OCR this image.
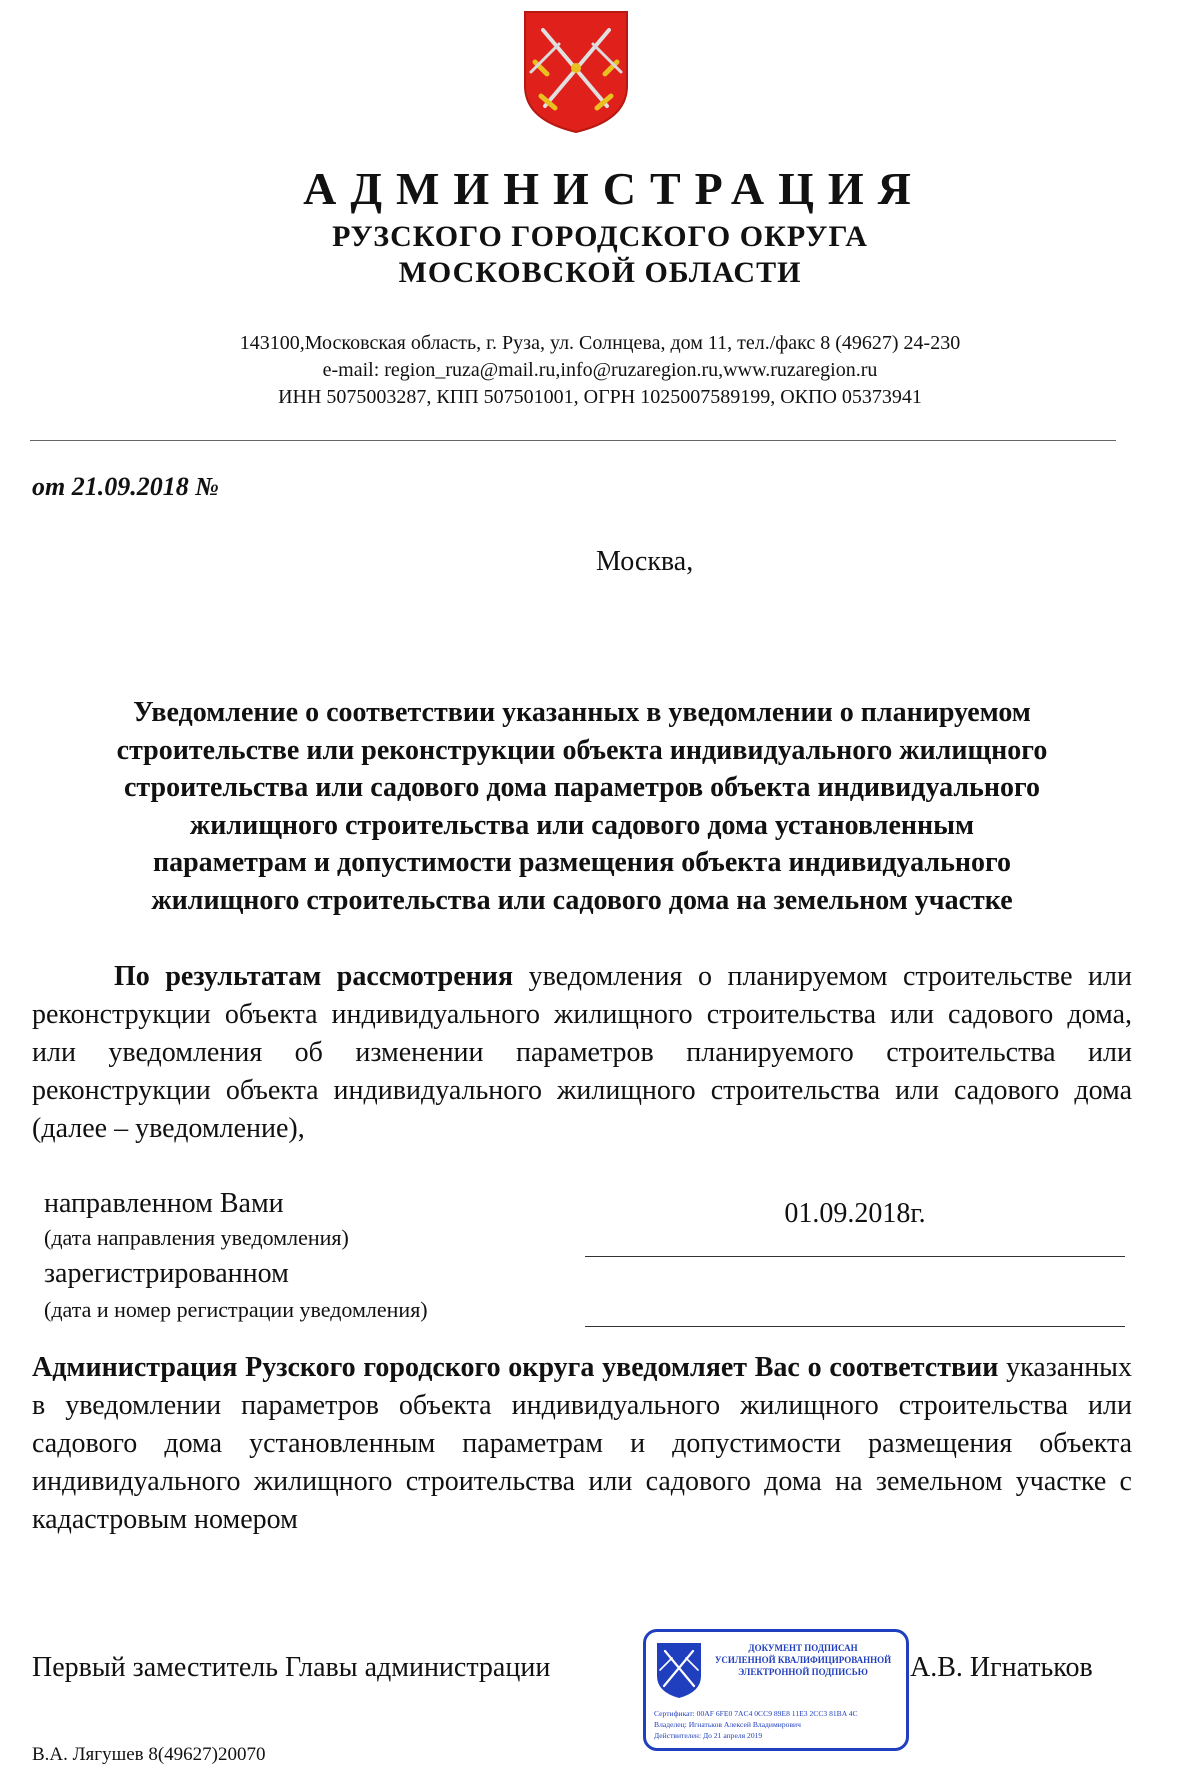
АДМИНИСТРАЦИЯ
РУЗСКОГО ГОРОДСКОГО ОКРУГА
МОСКОВСКОЙ ОБЛАСТИ
143100,Московская область, г. Руза, ул. Солнцева, дом 11, тел./факс 8 (49627) 24-230
e-mail: region_ruza@mail.ru,info@ruzaregion.ru,www.ruzaregion.ru
ИНН 5075003287, КПП 507501001, ОГРН 1025007589199, ОКПО 05373941
от 21.09.2018 №
Москва,
Уведомление о соответствии указанных в уведомлении о планируемом
строительстве или реконструкции объекта индивидуального жилищного
строительства или садового дома параметров объекта индивидуального
жилищного строительства или садового дома установленным
параметрам и допустимости размещения объекта индивидуального
жилищного строительства или садового дома на земельном участке
По результатам рассмотрения уведомления о планируемом строительстве или реконструкции объекта индивидуального жилищного строительства или садового дома, или уведомления об изменении параметров планируемого строительства или реконструкции объекта индивидуального жилищного строительства или садового дома (далее – уведомление),
направленном Вами
(дата направления уведомления)
01.09.2018г.
зарегистрированном
(дата и номер регистрации уведомления)
Администрация Рузского городского округа уведомляет Вас о соответствии указанных в уведомлении параметров объекта индивидуального жилищного строительства или садового дома установленным параметрам и допустимости размещения объекта индивидуального жилищного строительства или садового дома на земельном участке с кадастровым номером
Первый заместитель Главы администрации
ДОКУМЕНТ ПОДПИСАН
УСИЛЕННОЙ КВАЛИФИЦИРОВАННОЙ
ЭЛЕКТРОННОЙ ПОДПИСЬЮ
Сертификат: 00AF 6FE0 7AC4 0CC9 89E8 11E3 2CC3 81BA 4C
Владелец: Игнатьков Алексей Владимирович
Действителен: До 21 апреля 2019
А.В. Игнатьков
В.А. Лягушев 8(49627)20070
